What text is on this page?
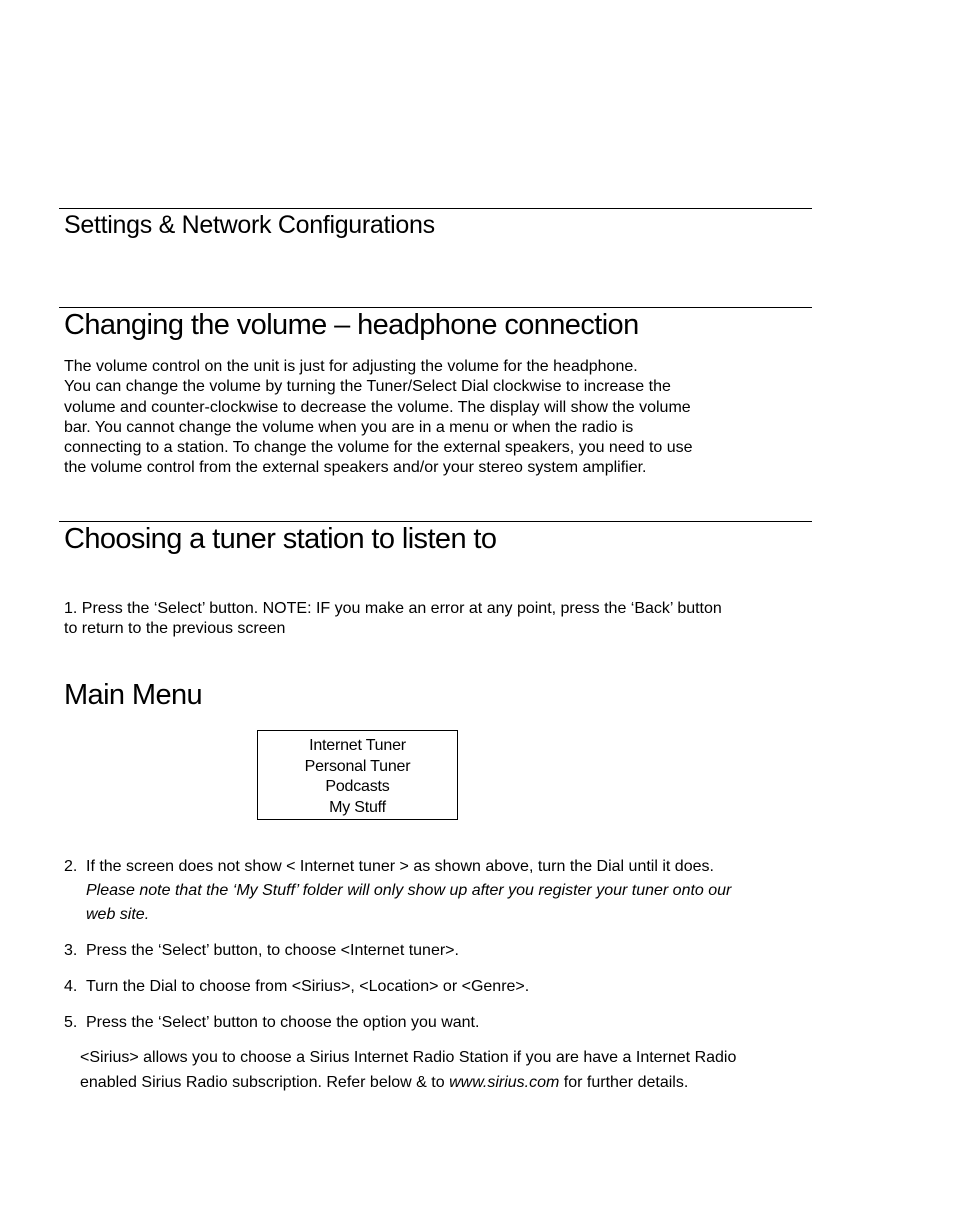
Settings & Network Configurations
Changing the volume – headphone connection
The volume control on the unit is just for adjusting the volume for the headphone.
You can change the volume by turning the Tuner/Select Dial clockwise to increase the
volume and counter-clockwise to decrease the volume. The display will show the volume
bar. You cannot change the volume when you are in a menu or when the radio is
connecting to a station. To change the volume for the external speakers, you need to use
the volume control from the external speakers and/or your stereo system amplifier.
Choosing a tuner station to listen to
1. Press the ‘Select’ button. NOTE: IF you make an error at any point, press the ‘Back’ button
to return to the previous screen
Main Menu
Internet Tuner
Personal Tuner
Podcasts
My Stuff
2. If the screen does not show < Internet tuner > as shown above, turn the Dial until it does.
Please note that the ‘My Stuff’ folder will only show up after you register your tuner onto our
web site.
3. Press the ‘Select’ button, to choose <Internet tuner>.
4. Turn the Dial to choose from <Sirius>, <Location> or <Genre>.
5. Press the ‘Select’ button to choose the option you want.
<Sirius> allows you to choose a Sirius Internet Radio Station if you are have a Internet Radio
enabled Sirius Radio subscription. Refer below & to www.sirius.com for further details.
